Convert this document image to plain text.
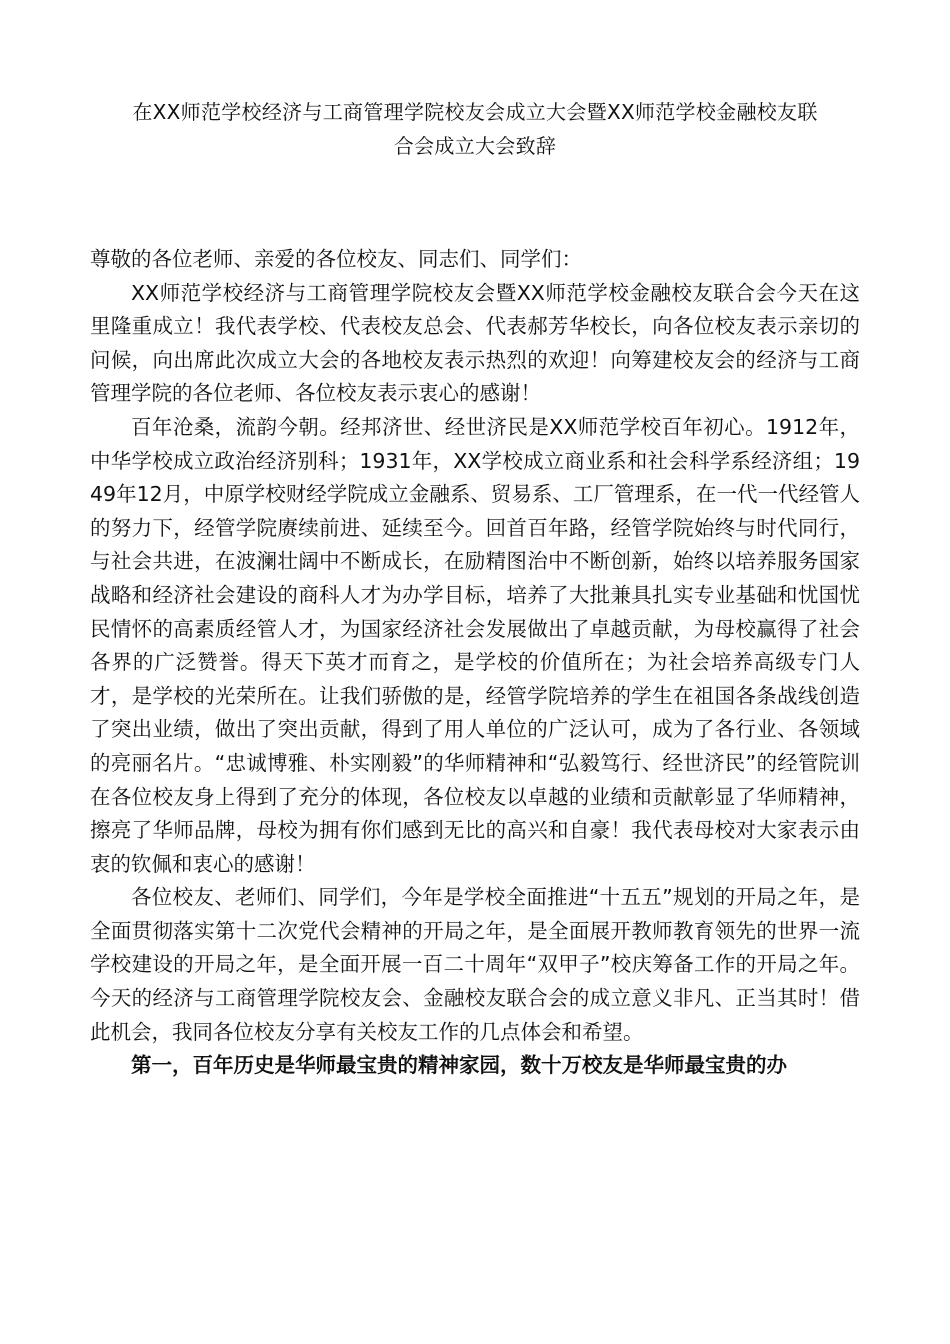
在XX师范学校经济与工商管理学院校友会成立大会暨XX师范学校金融校友联
合会成立大会致辞

尊敬的各位老师、亲爱的各位校友、同志们、同学们：

XX师范学校经济与工商管理学院校友会暨XX师范学校金融校友联合会今天在这里隆重成立！我代表学校、代表校友总会、代表郝芳华校长，向各位校友表示亲切的问候，向出席此次成立大会的各地校友表示热烈的欢迎！向筹建校友会的经济与工商管理学院的各位老师、各位校友表示衷心的感谢！

百年沧桑，流韵今朝。经邦济世、经世济民是XX师范学校百年初心。1912年，中华学校成立政治经济别科；1931年，XX学校成立商业系和社会科学系经济组；1949年12月，中原学校财经学院成立金融系、贸易系、工厂管理系，在一代一代经管人的努力下，经管学院赓续前进、延续至今。回首百年路，经管学院始终与时代同行，与社会共进，在波澜壮阔中不断成长，在励精图治中不断创新，始终以培养服务国家战略和经济社会建设的商科人才为办学目标，培养了大批兼具扎实专业基础和忧国忧民情怀的高素质经管人才，为国家经济社会发展做出了卓越贡献，为母校赢得了社会各界的广泛赞誉。得天下英才而育之，是学校的价值所在；为社会培养高级专门人才，是学校的光荣所在。让我们骄傲的是，经管学院培养的学生在祖国各条战线创造了突出业绩，做出了突出贡献，得到了用人单位的广泛认可，成为了各行业、各领域的亮丽名片。“忠诚博雅、朴实刚毅”的华师精神和“弘毅笃行、经世济民”的经管院训在各位校友身上得到了充分的体现，各位校友以卓越的业绩和贡献彰显了华师精神，擦亮了华师品牌，母校为拥有你们感到无比的高兴和自豪！我代表母校对大家表示由衷的钦佩和衷心的感谢！

各位校友、老师们、同学们，今年是学校全面推进“十五五”规划的开局之年，是全面贯彻落实第十二次党代会精神的开局之年，是全面展开教师教育领先的世界一流学校建设的开局之年，是全面开展一百二十周年“双甲子”校庆筹备工作的开局之年。今天的经济与工商管理学院校友会、金融校友联合会的成立意义非凡、正当其时！借此机会，我同各位校友分享有关校友工作的几点体会和希望。

第一，百年历史是华师最宝贵的精神家园，数十万校友是华师最宝贵的办
